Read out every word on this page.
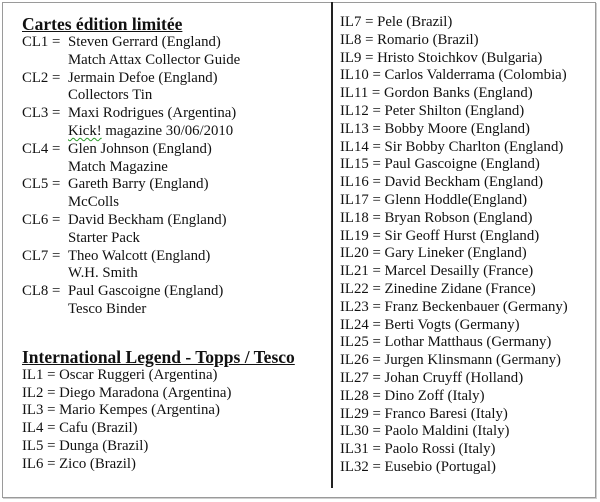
Cartes édition limitée
CL1 = Steven Gerrard (England)
Match Attax Collector Guide
CL2 = Jermain Defoe (England)
Collectors Tin
CL3 = Maxi Rodrigues (Argentina)
Kick! magazine 30/06/2010
CL4 = Glen Johnson (England)
Match Magazine
CL5 = Gareth Barry (England)
McColls
CL6 = David Beckham (England)
Starter Pack
CL7 = Theo Walcott (England)
W.H. Smith
CL8 = Paul Gascoigne (England)
Tesco Binder
International Legend - Topps / Tesco
IL1 = Oscar Ruggeri (Argentina)
IL2 = Diego Maradona (Argentina)
IL3 = Mario Kempes (Argentina)
IL4 = Cafu (Brazil)
IL5 = Dunga (Brazil)
IL6 = Zico (Brazil)
IL7 = Pele (Brazil)
IL8 = Romario (Brazil)
IL9 = Hristo Stoichkov (Bulgaria)
IL10 = Carlos Valderrama (Colombia)
IL11 = Gordon Banks (England)
IL12 = Peter Shilton (England)
IL13 = Bobby Moore (England)
IL14 = Sir Bobby Charlton (England)
IL15 = Paul Gascoigne (England)
IL16 = David Beckham (England)
IL17 = Glenn Hoddle(England)
IL18 = Bryan Robson (England)
IL19 = Sir Geoff Hurst (England)
IL20 = Gary Lineker (England)
IL21 = Marcel Desailly (France)
IL22 = Zinedine Zidane (France)
IL23 = Franz Beckenbauer (Germany)
IL24 = Berti Vogts (Germany)
IL25 = Lothar Matthaus (Germany)
IL26 = Jurgen Klinsmann (Germany)
IL27 = Johan Cruyff (Holland)
IL28 = Dino Zoff (Italy)
IL29 = Franco Baresi (Italy)
IL30 = Paolo Maldini (Italy)
IL31 = Paolo Rossi (Italy)
IL32 = Eusebio (Portugal)
